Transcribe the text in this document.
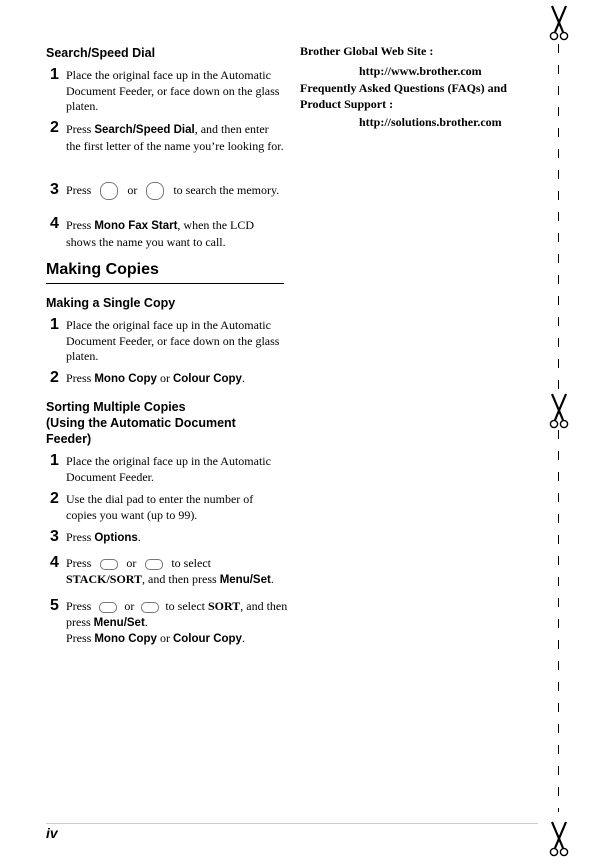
Search/Speed Dial
1 Place the original face up in the Automatic Document Feeder, or face down on the glass platen.
2 Press Search/Speed Dial, and then enter the first letter of the name you’re looking for.
3 Press	or	to search the memory.
4 Press Mono Fax Start, when the LCD shows the name you want to call.
Making Copies
Making a Single Copy
1 Place the original face up in the Automatic Document Feeder, or face down on the glass platen.
2 Press Mono Copy or Colour Copy.
Sorting Multiple Copies
(Using the Automatic Document
Feeder)
1 Place the original face up in the Automatic Document Feeder.
2 Use the dial pad to enter the number of copies you want (up to 99).
3 Press Options.
4 Press	or	to select
STACK/SORT, and then press Menu/Set.
5 Press	or	to select SORT, and then press Menu/Set.
Press Mono Copy or Colour Copy.
Brother Global Web Site :
http://www.brother.com
Frequently Asked Questions (FAQs) and
Product Support :
http://solutions.brother.com
iv
